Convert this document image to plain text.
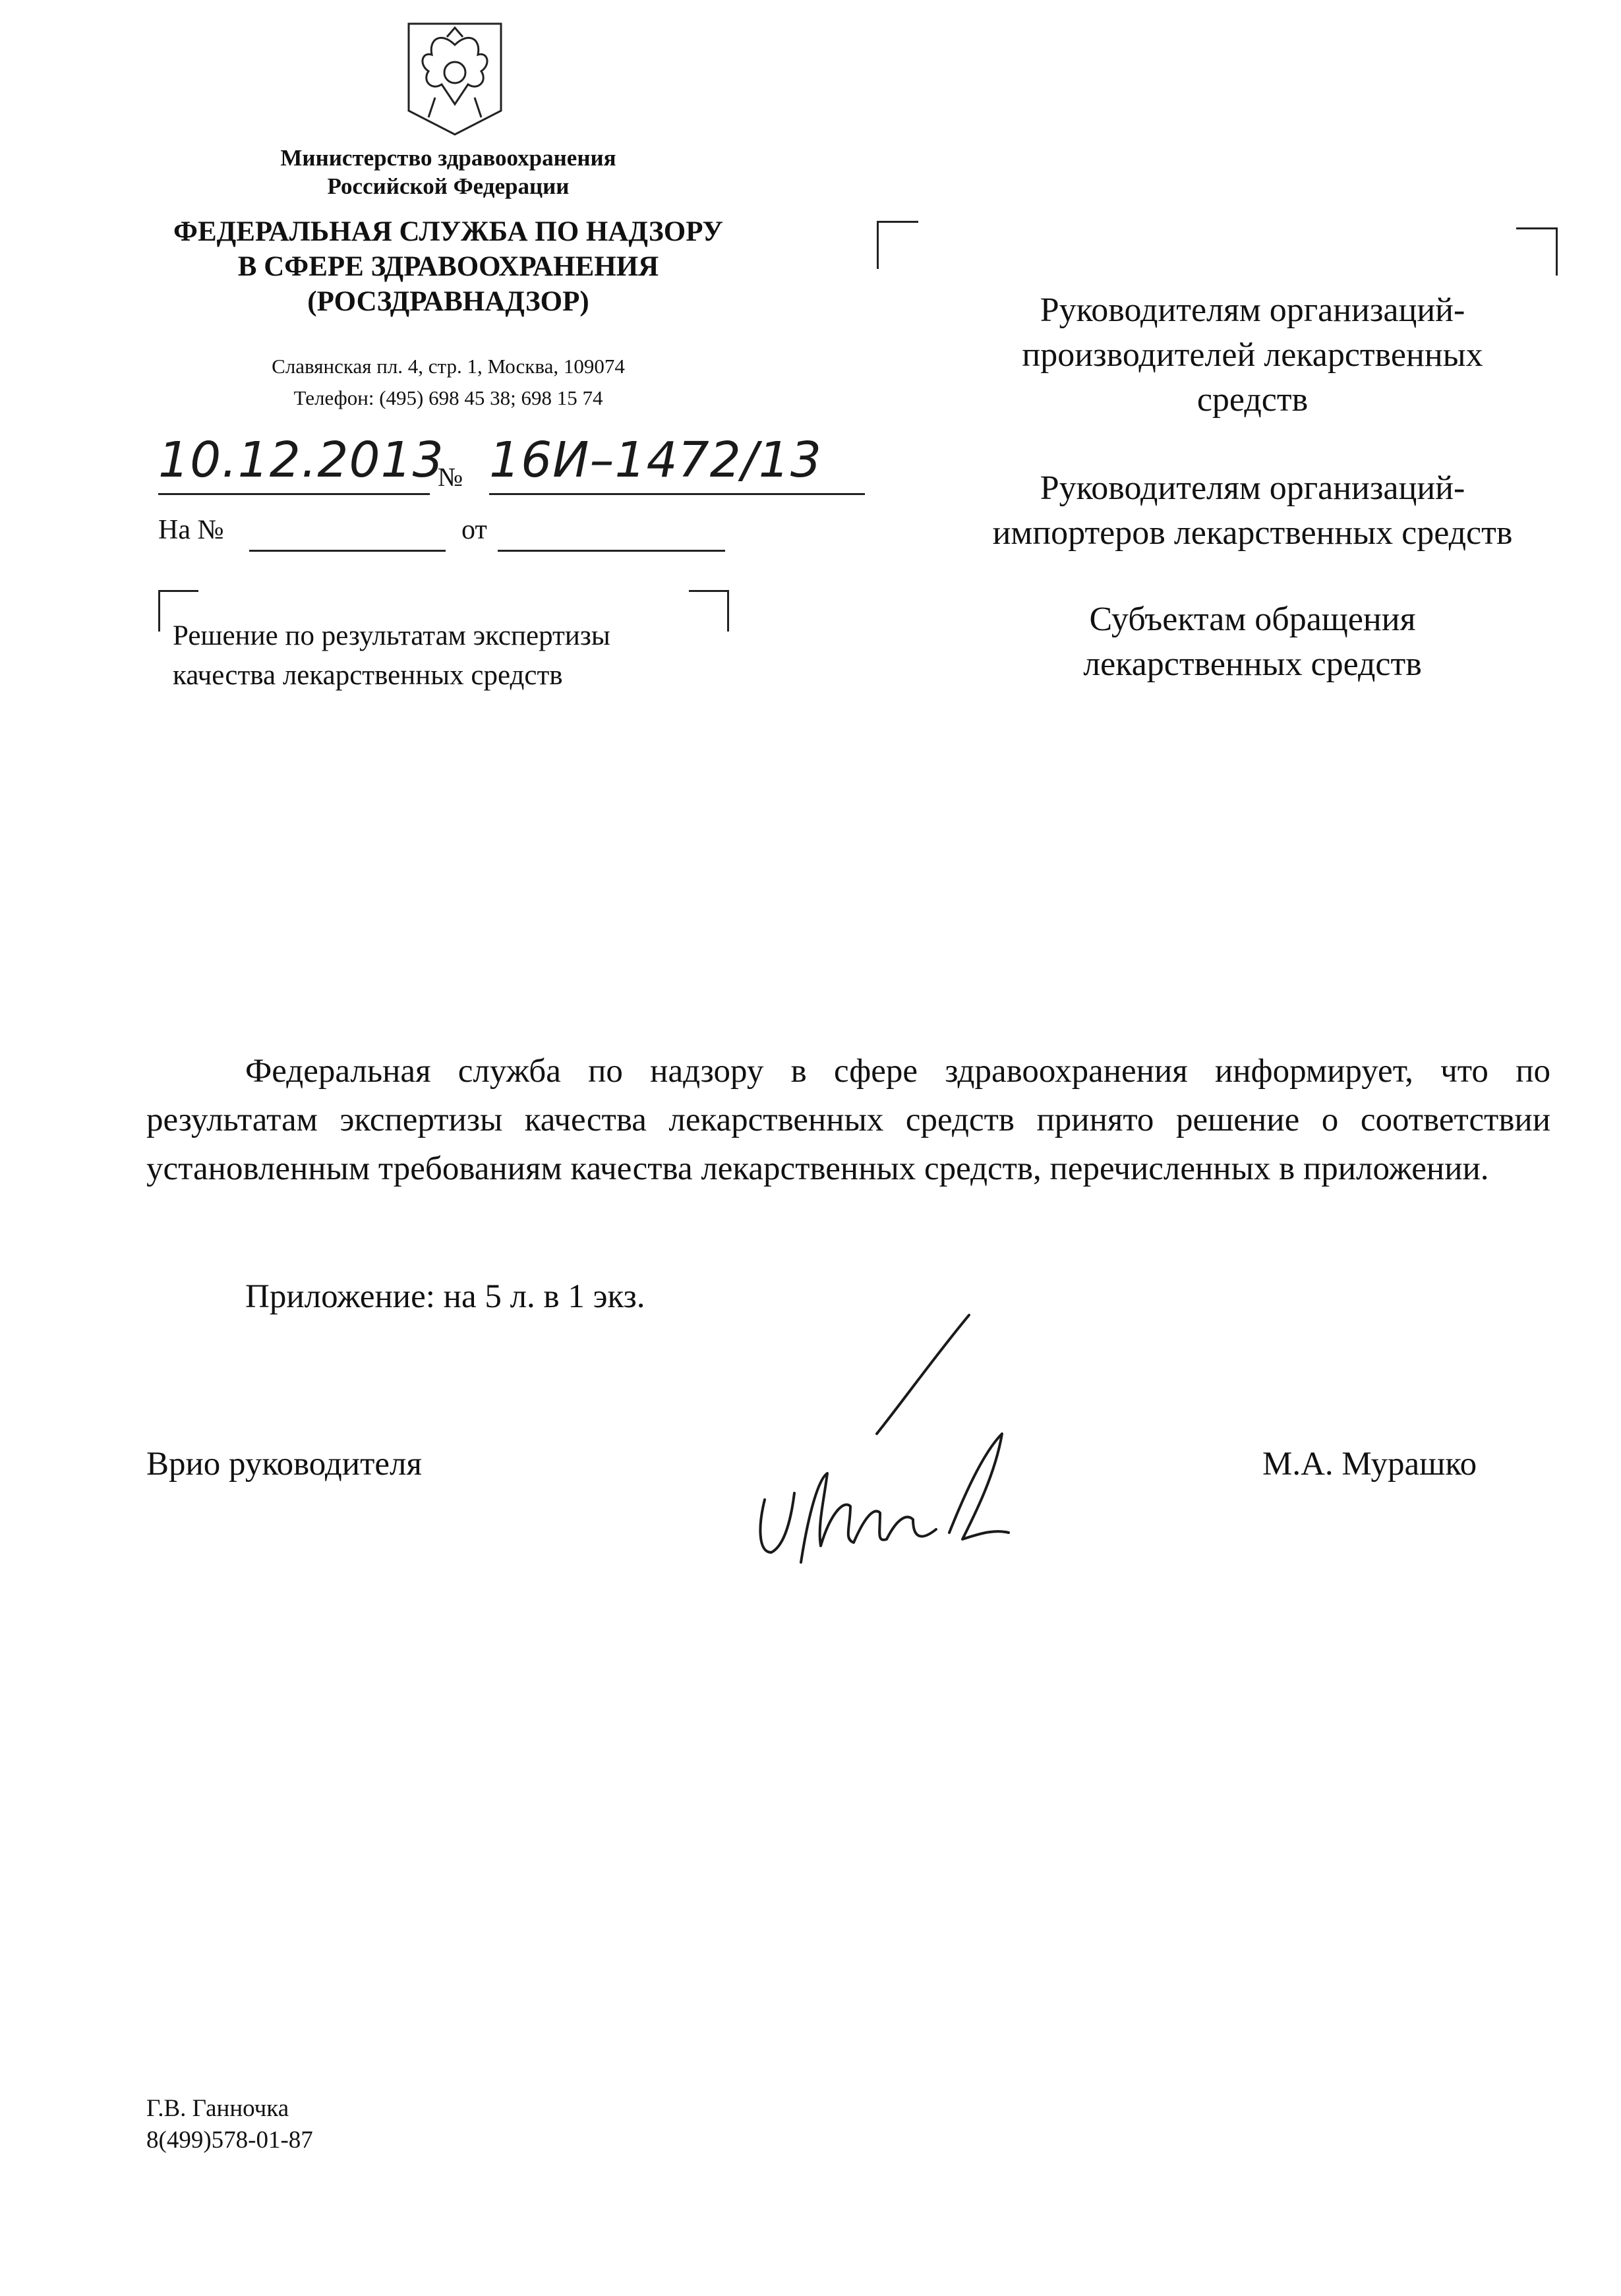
Министерство здравоохранения
Российской Федерации
ФЕДЕРАЛЬНАЯ СЛУЖБА ПО НАДЗОРУ
В СФЕРЕ ЗДРАВООХРАНЕНИЯ
(РОСЗДРАВНАДЗОР)
Славянская пл. 4, стр. 1, Москва, 109074
Телефон: (495) 698 45 38; 698 15 74
10.12.2013
№ 16И–1472/13
На №	от
Решение по результатам экспертизы
качества лекарственных средств
Руководителям организаций-
производителей лекарственных
средств
Руководителям организаций-
импортеров лекарственных средств
Субъектам обращения
лекарственных средств

Федеральная служба по надзору в сфере здравоохранения информирует, что по результатам экспертизы качества лекарственных средств принято решение о соответствии установленным требованиям качества лекарственных средств, перечисленных в приложении.

Приложение: на 5 л. в 1 экз.
Врио руководителя	М.А. Мурашко
Г.В. Ганночка
8(499)578-01-87
